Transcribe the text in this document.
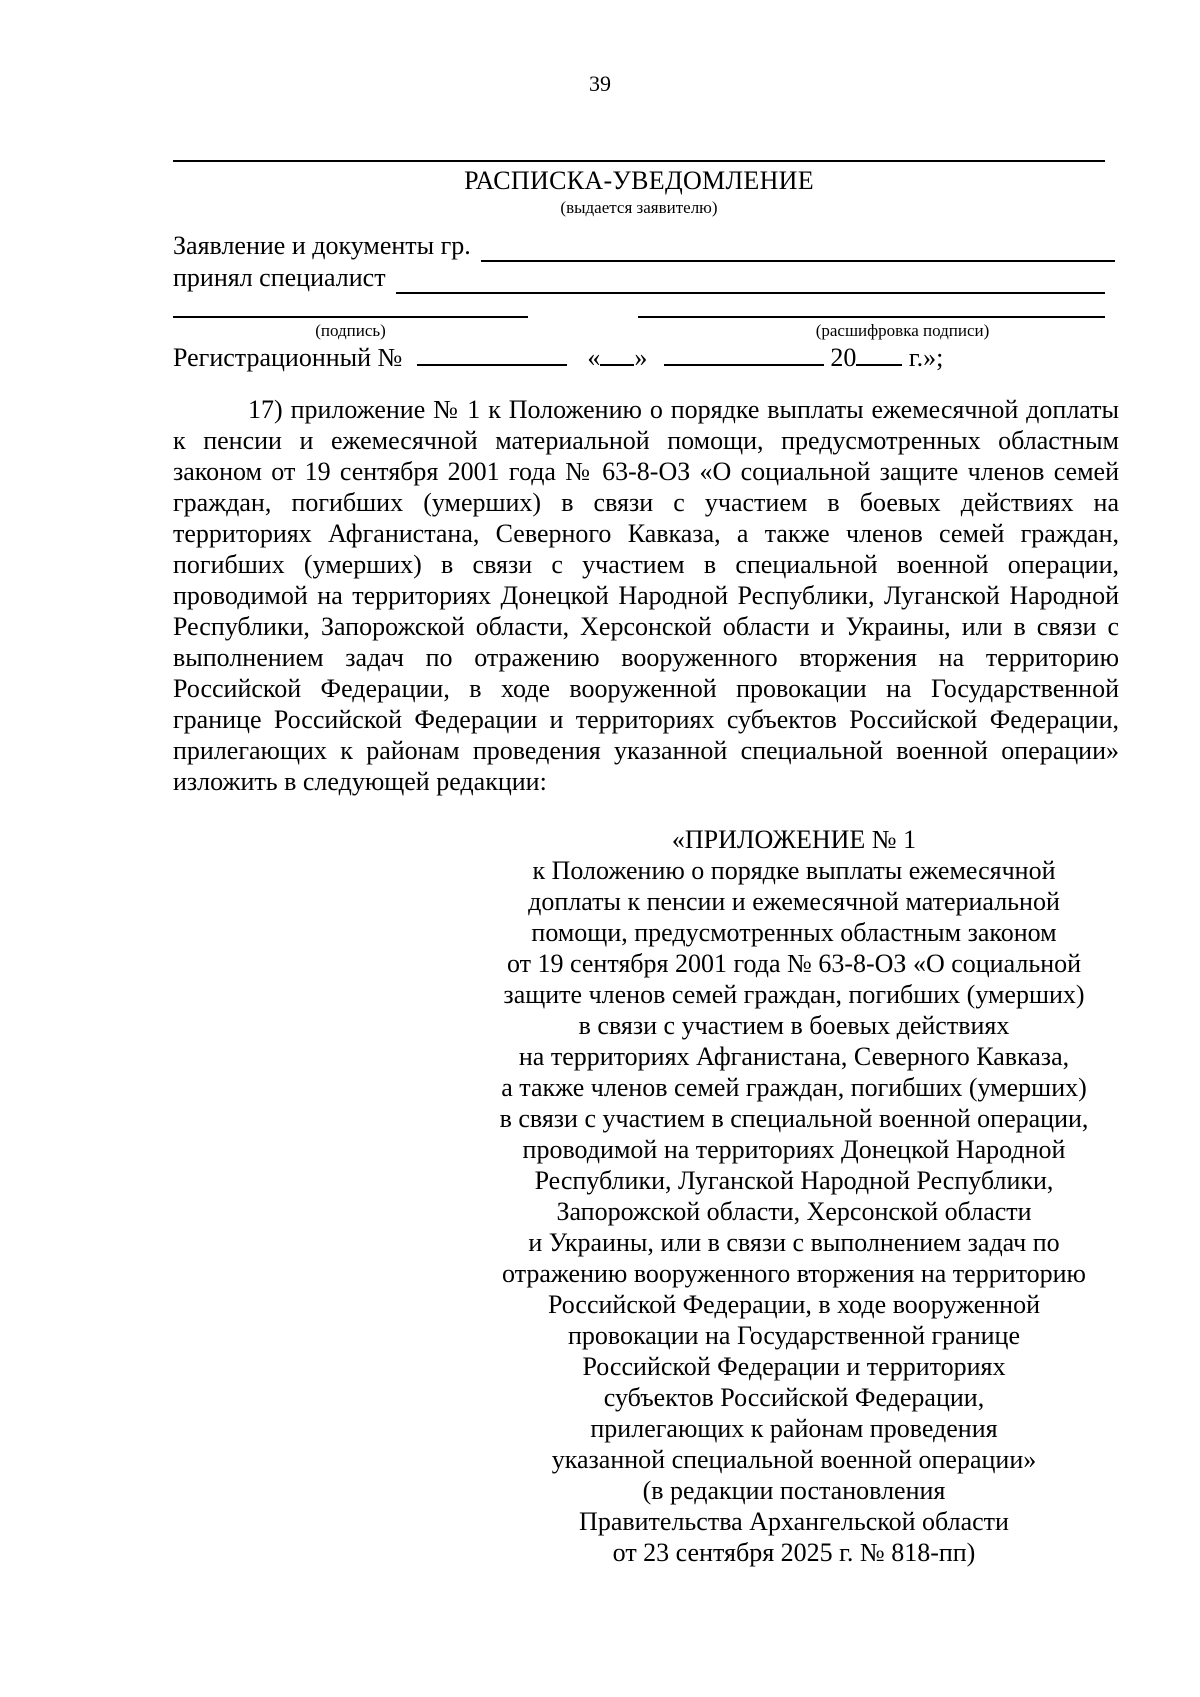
39
РАСПИСКА-УВЕДОМЛЕНИЕ
(выдается заявителю)
Заявление и документы гр.
принял специалист
(подпись)	(расшифровка подписи)
Регистрационный №	« »	20 г.»;
17) приложение № 1 к Положению о порядке выплаты ежемесячной доплаты к пенсии и ежемесячной материальной помощи, предусмотренных областным законом от 19 сентября 2001 года № 63-8-ОЗ «О социальной защите членов семей граждан, погибших (умерших) в связи с участием в боевых действиях на территориях Афганистана, Северного Кавказа, а также членов семей граждан, погибших (умерших) в связи с участием в специальной военной операции, проводимой на территориях Донецкой Народной Республики, Луганской Народной Республики, Запорожской области, Херсонской области и Украины, или в связи с выполнением задач по отражению вооруженного вторжения на территорию Российской Федерации, в ходе вооруженной провокации на Государственной границе Российской Федерации и территориях субъектов Российской Федерации, прилегающих к районам проведения указанной специальной военной операции» изложить в следующей редакции:
«ПРИЛОЖЕНИЕ № 1
к Положению о порядке выплаты ежемесячной
доплаты к пенсии и ежемесячной материальной
помощи, предусмотренных областным законом
от 19 сентября 2001 года № 63-8-ОЗ «О социальной
защите членов семей граждан, погибших (умерших)
в связи с участием в боевых действиях
на территориях Афганистана, Северного Кавказа,
а также членов семей граждан, погибших (умерших)
в связи с участием в специальной военной операции,
проводимой на территориях Донецкой Народной
Республики, Луганской Народной Республики,
Запорожской области, Херсонской области
и Украины, или в связи с выполнением задач по
отражению вооруженного вторжения на территорию
Российской Федерации, в ходе вооруженной
провокации на Государственной границе
Российской Федерации и территориях
субъектов Российской Федерации,
прилегающих к районам проведения
указанной специальной военной операции»
(в редакции постановления
Правительства Архангельской области
от 23 сентября 2025 г. № 818-пп)
